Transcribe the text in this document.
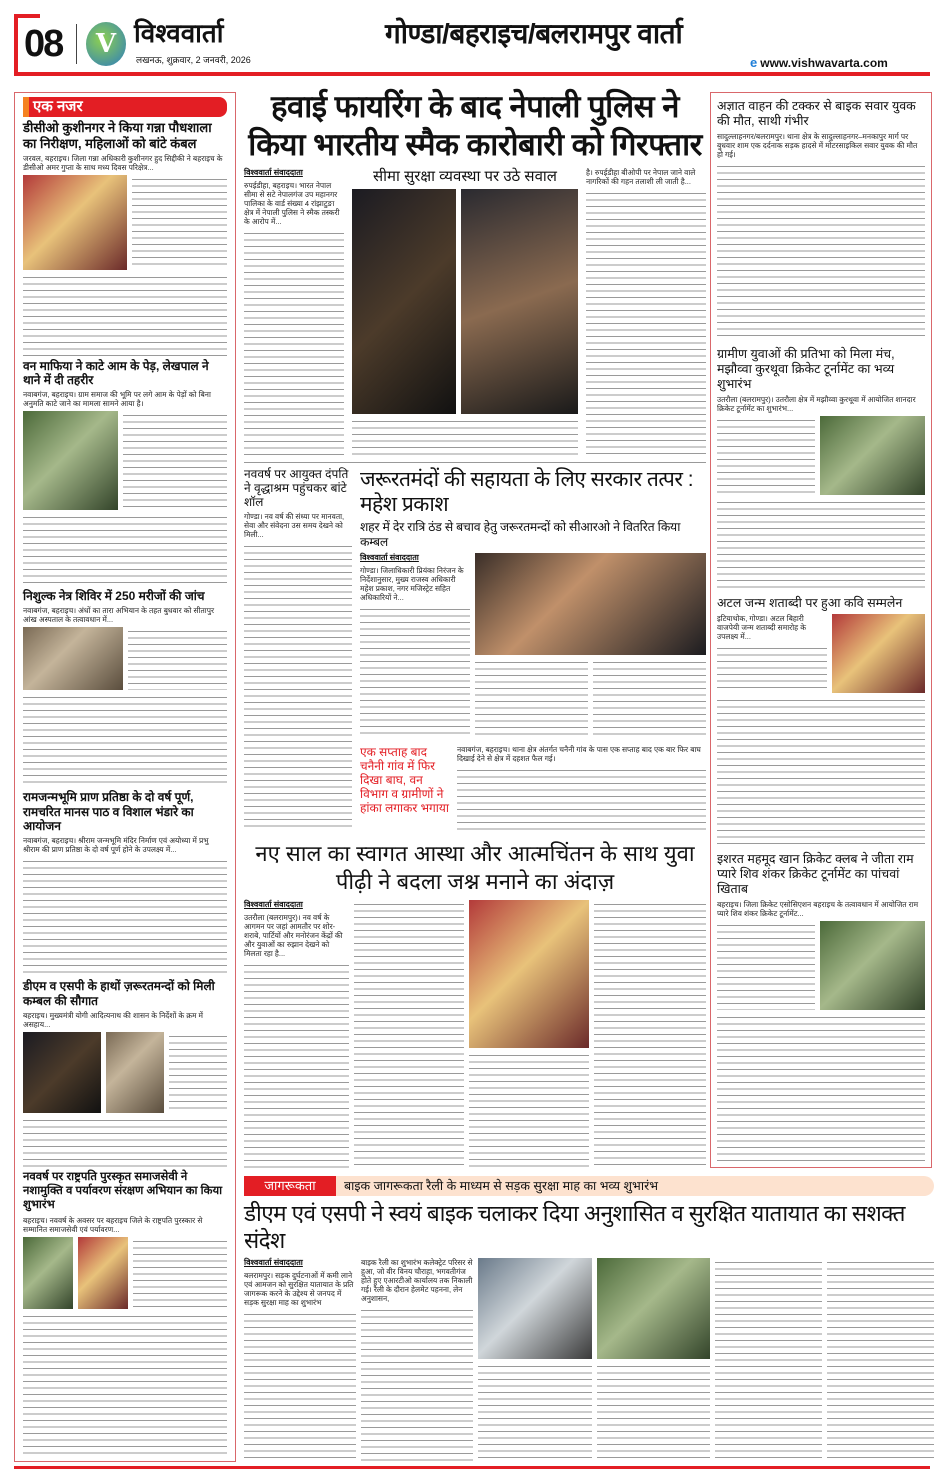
08	V विश्ववार्ता
लखनऊ, शुक्रवार, 2 जनवरी, 2026
गोण्डा/बहराइच/बलरामपुर वार्ता
e www.vishwavarta.com
एक नजर
डीसीओ कुशीनगर ने किया गन्ना पौधशाला का निरीक्षण, महिलाओं को बांटे कंबल
जरवल, बहराइच। जिला गन्ना अधिकारी कुशीनगर हुद सिद्दीकी ने बहराइच के डीसीओ अमर गुप्ता के साथ मध्य दिवस परिक्षेत्र...
वन माफिया ने काटे आम के पेड़, लेखपाल ने थाने में दी तहरीर
नवाबगंज, बहराइच। ग्राम समाज की भूमि पर लगे आम के पेड़ों को बिना अनुमति काटे जाने का मामला सामने आया है।
निशुल्क नेत्र शिविर में 250 मरीजों की जांच
नवाबगंज, बहराइच। अंधों का तारा अभियान के तहत बुधवार को सीतापुर आंख अस्पताल के तत्वावधान में...
रामजन्मभूमि प्राण प्रतिष्ठा के दो वर्ष पूर्ण, रामचरित मानस पाठ व विशाल भंडारे का आयोजन
नवाबगंज, बहराइच। श्रीराम जन्मभूमि मंदिर निर्माण एवं अयोध्या में प्रभु श्रीराम की प्राण प्रतिष्ठा के दो वर्ष पूर्ण होने के उपलक्ष्य में...
डीएम व एसपी के हाथों ज़रूरतमन्दों को मिली कम्बल की सौगात
बहराइच। मुख्यमंत्री योगी आदित्यनाथ की शासन के निर्देशों के क्रम में असहाय...
नववर्ष पर राष्ट्रपति पुरस्कृत समाजसेवी ने नशामुक्ति व पर्यावरण संरक्षण अभियान का किया शुभारंभ
बहराइच। नववर्ष के अवसर पर बहराइच जिले के राष्ट्रपति पुरस्कार से सम्मानित समाजसेवी एवं पर्यावरण...
हवाई फायरिंग के बाद नेपाली पुलिस ने किया भारतीय स्मैक कारोबारी को गिरफ्तार
विश्ववार्ता संवाददाता
रुपईडीहा, बहराइच। भारत नेपाल सीमा से सटे नेपालगंज उप महानगर पालिका के वार्ड संख्या 4 रांझाटुङा क्षेत्र में नेपाली पुलिस ने स्मैक तस्करी के आरोप में...
सीमा सुरक्षा व्यवस्था पर उठे सवाल	है। रुपईडीहा बीओपी पर नेपाल जाने वाले नागरिकों की गहन तलाशी ली जाती है...
नववर्ष पर आयुक्त दंपति ने वृद्धाश्रम पहुंचकर बांटे शॉल
गोण्डा। नव वर्ष की संध्या पर मानवता, सेवा और संवेदना उस समय देखने को मिली...
जरूरतमंदों की सहायता के लिए सरकार तत्पर : महेश प्रकाश
शहर में देर रात्रि ठंड से बचाव हेतु जरूरतमन्दों को सीआरओ ने वितरित किया कम्बल
विश्ववार्ता संवाददाता
गोण्डा। जिलाधिकारी प्रियंका निरंजन के निर्देशानुसार, मुख्य राजस्व अधिकारी महेश प्रकाश, नगर मजिस्ट्रेट सहित अधिकारियों ने...
एक सप्ताह बाद चनैनी गांव में फिर दिखा बाघ, वन विभाग व ग्रामीणों ने हांका लगाकर भगाया
नवाबगंज, बहराइच। थाना क्षेत्र अंतर्गत चनैनी गांव के पास एक सप्ताह बाद एक बार फिर बाघ दिखाई देने से क्षेत्र में दहशत फैल गई।
नए साल का स्वागत आस्था और आत्मचिंतन के साथ युवा पीढ़ी ने बदला जश्न मनाने का अंदाज़
विश्ववार्ता संवाददाता
उतरौला (बलरामपुर)। नव वर्ष के आगमन पर जहां आमतौर पर शोर-शराबे, पार्टियों और मनोरंजन केंद्रों की और युवाओं का रुझान देखने को मिलता रहा है...
अज्ञात वाहन की टक्कर से बाइक सवार युवक की मौत, साथी गंभीर
सादुल्लाहनगर/बलरामपुर। थाना क्षेत्र के सादुल्लाहनगर–मनकापुर मार्ग पर बुधवार शाम एक दर्दनाक सड़क हादसे में मोटरसाइकिल सवार युवक की मौत हो गई।
ग्रामीण युवाओं की प्रतिभा को मिला मंच, मझौव्वा कुरथूवा क्रिकेट टूर्नामेंट का भव्य शुभारंभ
उतरौला (बलरामपुर)। उतरौला क्षेत्र में मझौव्वा कुरथूवा में आयोजित शानदार क्रिकेट टूर्नामेंट का शुभारंभ...
अटल जन्म शताब्दी पर हुआ कवि सम्मलेन
इटियाथोक, गोण्डा। अटल बिहारी वाजपेयी जन्म शताब्दी समारोह के उपलक्ष्य में...
इशरत महमूद खान क्रिकेट क्लब ने जीता राम प्यारे शिव शंकर क्रिकेट टूर्नामेंट का पांचवां खिताब
बहराइच। जिला क्रिकेट एसोसिएशन बहराइच के तत्वावधान में आयोजित राम प्यारे शिव शंकर क्रिकेट टूर्नामेंट...
जागरूकता	बाइक जागरूकता रैली के माध्यम से सड़क सुरक्षा माह का भव्य शुभारंभ
डीएम एवं एसपी ने स्वयं बाइक चलाकर दिया अनुशासित व सुरक्षित यातायात का सशक्त संदेश
विश्ववार्ता संवाददाता
बलरामपुर। सड़क दुर्घटनाओं में कमी लाने एवं आमजन को सुरक्षित यातायात के प्रति जागरूक करने के उद्देश्य से जनपद में सड़क सुरक्षा माह का शुभारंभ
बाइक रैली का शुभारंभ कलेक्ट्रेट परिसर से हुआ, जो वीर विनय चौराहा, भगवतीगंज होते हुए एआरटीओ कार्यालय तक निकाली गई। रैली के दौरान हेलमेट पहनना, लेन अनुशासन,
